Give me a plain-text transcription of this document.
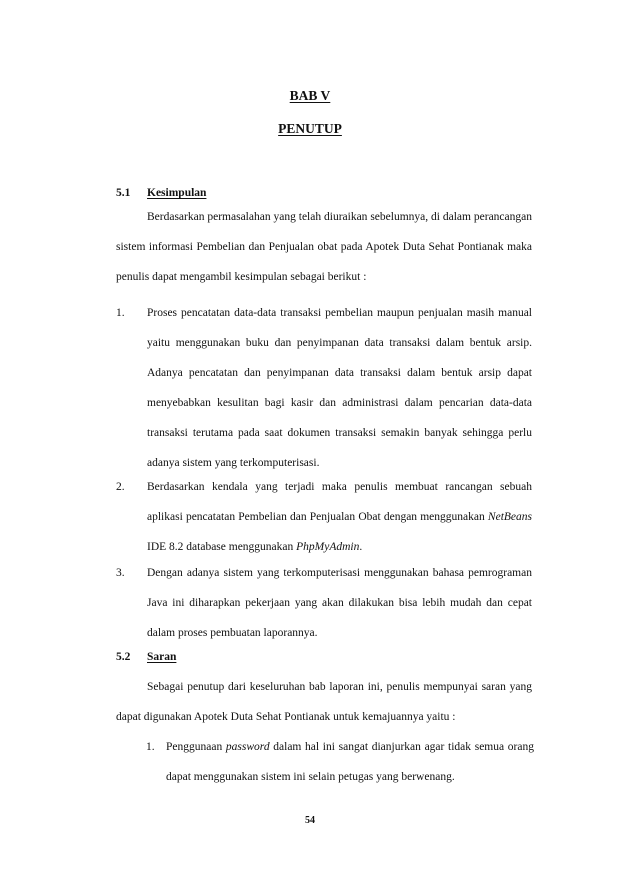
BAB V
PENUTUP
5.1 Kesimpulan

Berdasarkan permasalahan yang telah diuraikan sebelumnya, di dalam perancangan sistem informasi Pembelian dan Penjualan obat pada Apotek Duta Sehat Pontianak maka penulis dapat mengambil kesimpulan sebagai berikut :

1. Proses pencatatan data-data transaksi pembelian maupun penjualan masih manual yaitu menggunakan buku dan penyimpanan data transaksi dalam bentuk arsip. Adanya pencatatan dan penyimpanan data transaksi dalam bentuk arsip dapat menyebabkan kesulitan bagi kasir dan administrasi dalam pencarian data-data transaksi terutama pada saat dokumen transaksi semakin banyak sehingga perlu adanya sistem yang terkomputerisasi.
2. Berdasarkan kendala yang terjadi maka penulis membuat rancangan sebuah aplikasi pencatatan Pembelian dan Penjualan Obat dengan menggunakan NetBeans IDE 8.2 database menggunakan PhpMyAdmin.
3. Dengan adanya sistem yang terkomputerisasi menggunakan bahasa pemrograman Java ini diharapkan pekerjaan yang akan dilakukan bisa lebih mudah dan cepat dalam proses pembuatan laporannya.
5.2 Saran

Sebagai penutup dari keseluruhan bab laporan ini, penulis mempunyai saran yang dapat digunakan Apotek Duta Sehat Pontianak untuk kemajuannya yaitu :

1. Penggunaan password dalam hal ini sangat dianjurkan agar tidak semua orang dapat menggunakan sistem ini selain petugas yang berwenang.
54
